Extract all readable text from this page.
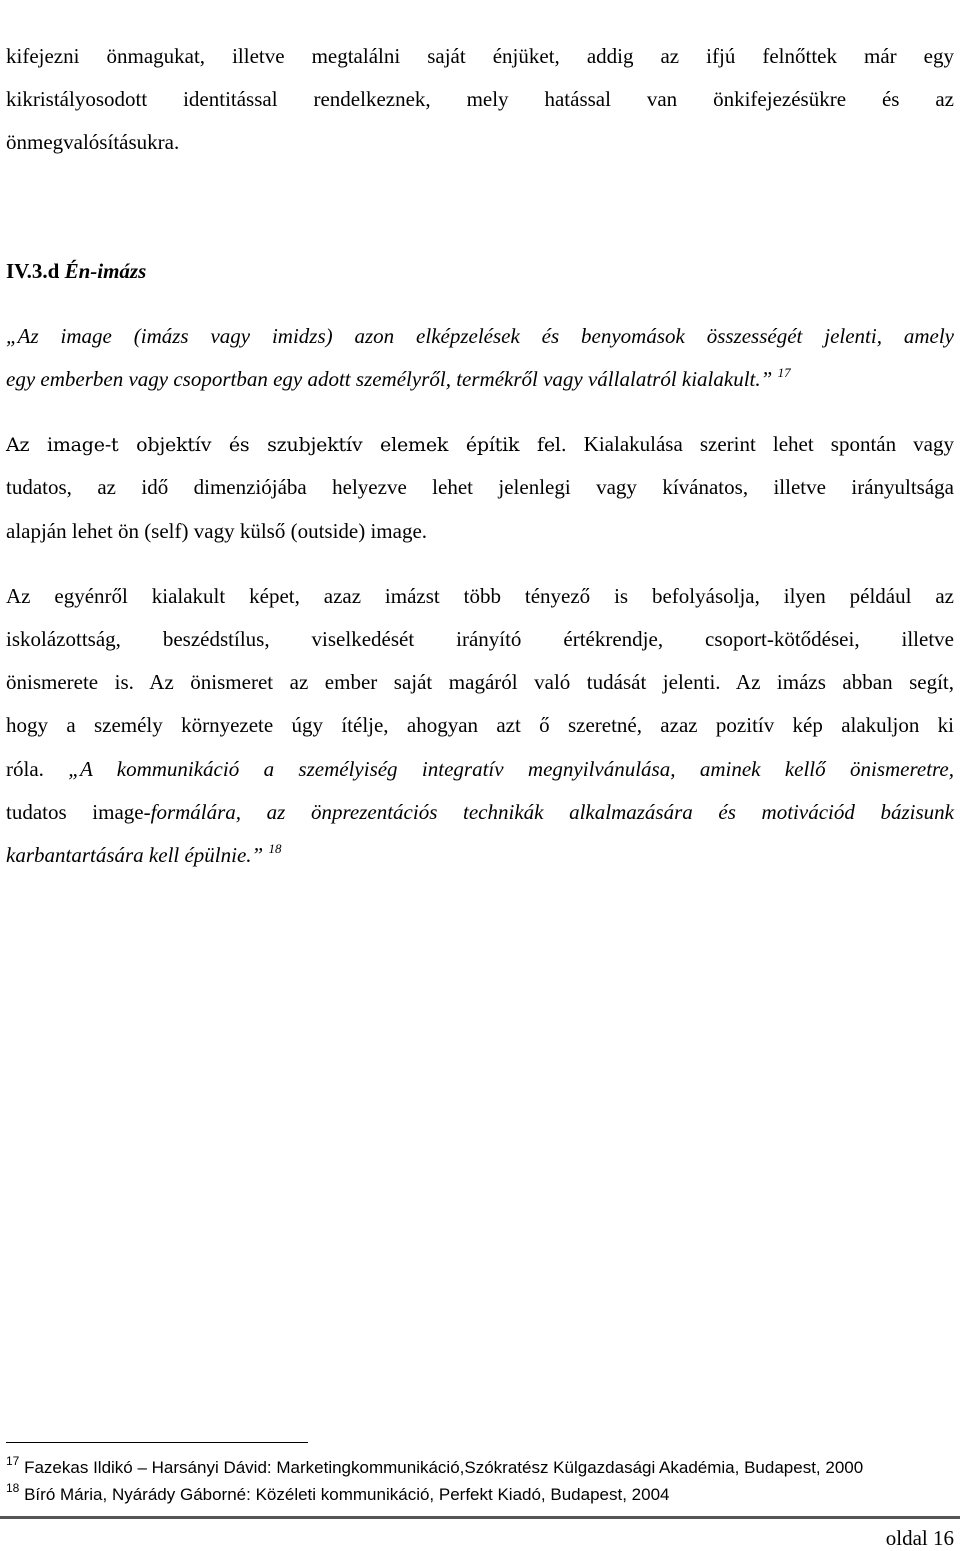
kifejezni önmagukat, illetve megtalálni saját énjüket, addig az ifjú felnőttek már egy
kikristályosodott identitással rendelkeznek, mely hatással van önkifejezésükre és az
önmegvalósításukra.
IV.3.d Én-imázs
„Az image (imázs vagy imidzs) azon elképzelések és benyomások összességét jelenti, amely
egy emberben vagy csoportban egy adott személyről, termékről vagy vállalatról kialakult.” $^{17}$
Az image-t objektív és szubjektív elemek építik fel. Kialakulása szerint lehet spontán vagy
tudatos, az idő dimenziójába helyezve lehet jelenlegi vagy kívánatos, illetve irányultsága
alapján lehet ön (self) vagy külső (outside) image.
Az egyénről kialakult képet, azaz imázst több tényező is befolyásolja, ilyen például az
iskolázottság, beszédstílus, viselkedését irányító értékrendje, csoport-kötődései, illetve
önismerete is. Az önismeret az ember saját magáról való tudását jelenti. Az imázs abban segít,
hogy a személy környezete úgy ítélje, ahogyan azt ő szeretné, azaz pozitív kép alakuljon ki
róla. „A kommunikáció a személyiség integratív megnyilvánulása, aminek kellő önismeretre,
tudatos image-formálára, az önprezentációs technikák alkalmazására és motivációd bázisunk
karbantartására kell épülnie.” $^{18}$
$^{17}$ Fazekas Ildikó – Harsányi Dávid: Marketingkommunikáció,Szókratész Külgazdasági Akadémia, Budapest, 2000
$^{18}$ Bíró Mária, Nyárády Gáborné: Közéleti kommunikáció, Perfekt Kiadó, Budapest, 2004
oldal 16
